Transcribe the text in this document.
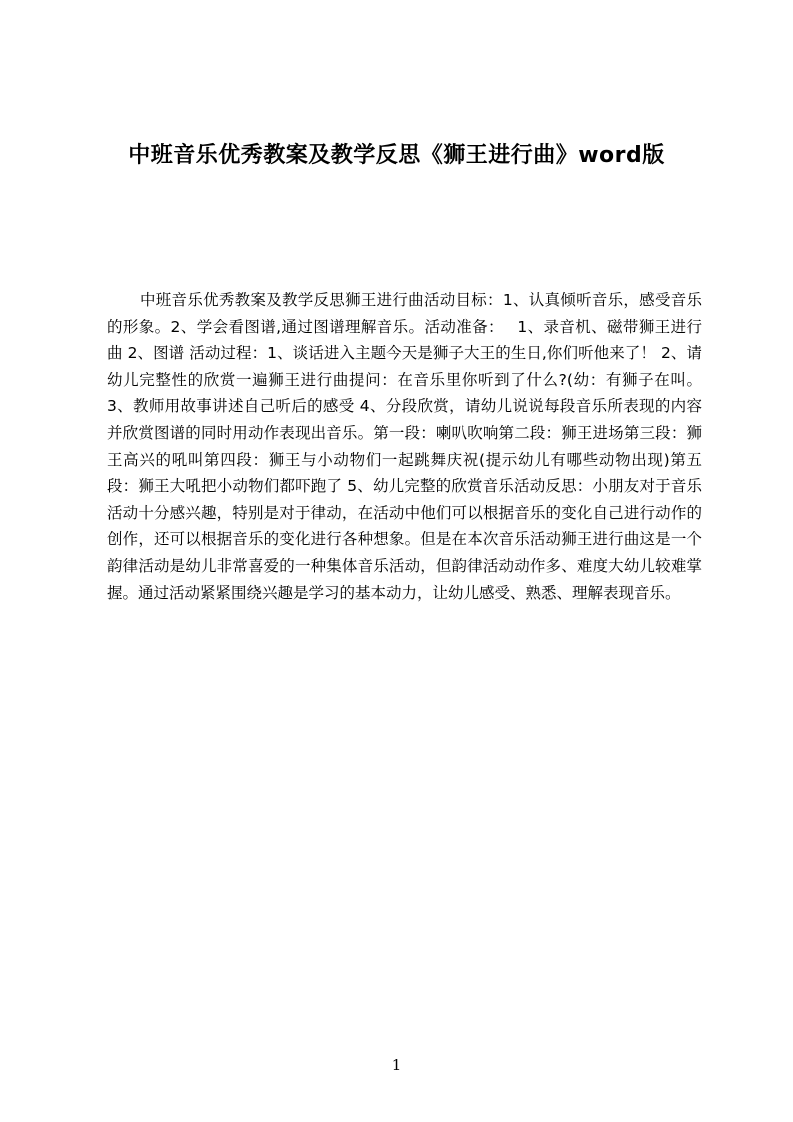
中班音乐优秀教案及教学反思《狮王进行曲》word版

中班音乐优秀教案及教学反思狮王进行曲活动目标：1、认真倾听音乐，感受音乐的形象。2、学会看图谱,通过图谱理解音乐。活动准备：　 1、录音机、磁带狮王进行曲 2、图谱 活动过程：1、谈话进入主题今天是狮子大王的生日,你们听他来了！ 2、请幼儿完整性的欣赏一遍狮王进行曲提问：在音乐里你听到了什么?(幼：有狮子在叫。3、教师用故事讲述自己听后的感受 4、分段欣赏，请幼儿说说每段音乐所表现的内容并欣赏图谱的同时用动作表现出音乐。第一段：喇叭吹响第二段：狮王进场第三段：狮王高兴的吼叫第四段：狮王与小动物们一起跳舞庆祝(提示幼儿有哪些动物出现)第五段：狮王大吼把小动物们都吓跑了 5、幼儿完整的欣赏音乐活动反思：小朋友对于音乐活动十分感兴趣，特别是对于律动，在活动中他们可以根据音乐的变化自己进行动作的创作，还可以根据音乐的变化进行各种想象。但是在本次音乐活动狮王进行曲这是一个韵律活动是幼儿非常喜爱的一种集体音乐活动，但韵律活动动作多、难度大幼儿较难掌握。通过活动紧紧围绕兴趣是学习的基本动力，让幼儿感受、熟悉、理解表现音乐。

1
